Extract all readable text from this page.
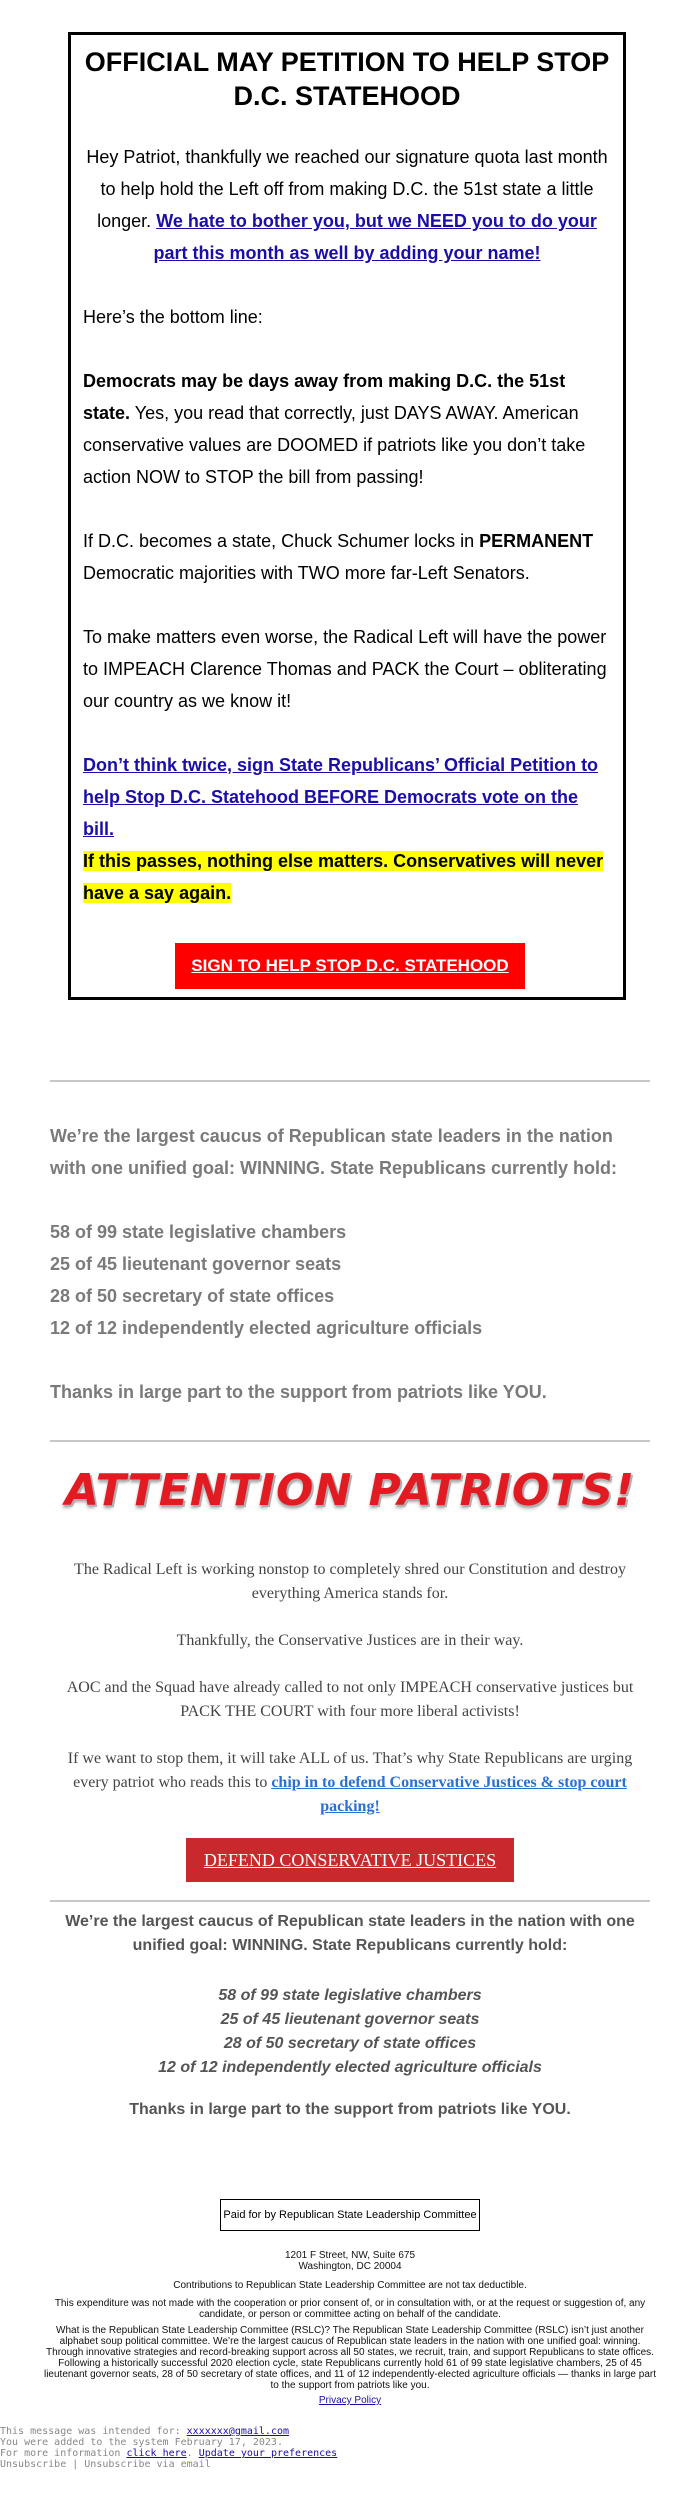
OFFICIAL MAY PETITION TO HELP STOP D.C. STATEHOOD
Hey Patriot, thankfully we reached our signature quota last month to help hold the Left off from making D.C. the 51st state a little longer. We hate to bother you, but we NEED you to do your part this month as well by adding your name!
Here’s the bottom line:
Democrats may be days away from making D.C. the 51st state. Yes, you read that correctly, just DAYS AWAY. American conservative values are DOOMED if patriots like you don’t take action NOW to STOP the bill from passing!
If D.C. becomes a state, Chuck Schumer locks in PERMANENT Democratic majorities with TWO more far-Left Senators.
To make matters even worse, the Radical Left will have the power to IMPEACH Clarence Thomas and PACK the Court – obliterating our country as we know it!
Don’t think twice, sign State Republicans’ Official Petition to help Stop D.C. Statehood BEFORE Democrats vote on the bill.
If this passes, nothing else matters. Conservatives will never have a say again.
SIGN TO HELP STOP D.C. STATEHOOD
We’re the largest caucus of Republican state leaders in the nation with one unified goal: WINNING. State Republicans currently hold:
58 of 99 state legislative chambers
25 of 45 lieutenant governor seats
28 of 50 secretary of state offices
12 of 12 independently elected agriculture officials
Thanks in large part to the support from patriots like YOU.
ATTENTION PATRIOTS!
The Radical Left is working nonstop to completely shred our Constitution and destroy everything America stands for.
Thankfully, the Conservative Justices are in their way.
AOC and the Squad have already called to not only IMPEACH conservative justices but PACK THE COURT with four more liberal activists!
If we want to stop them, it will take ALL of us. That’s why State Republicans are urging every patriot who reads this to chip in to defend Conservative Justices & stop court packing!
DEFEND CONSERVATIVE JUSTICES
We’re the largest caucus of Republican state leaders in the nation with one unified goal: WINNING. State Republicans currently hold:
58 of 99 state legislative chambers
25 of 45 lieutenant governor seats
28 of 50 secretary of state offices
12 of 12 independently elected agriculture officials
Thanks in large part to the support from patriots like YOU.
Paid for by Republican State Leadership Committee
1201 F Street, NW, Suite 675
Washington, DC 20004
Contributions to Republican State Leadership Committee are not tax deductible.
This expenditure was not made with the cooperation or prior consent of, or in consultation with, or at the request or suggestion of, any candidate, or person or committee acting on behalf of the candidate.
What is the Republican State Leadership Committee (RSLC)? The Republican State Leadership Committee (RSLC) isn’t just another alphabet soup political committee. We’re the largest caucus of Republican state leaders in the nation with one unified goal: winning. Through innovative strategies and record-breaking support across all 50 states, we recruit, train, and support Republicans to state offices. Following a historically successful 2020 election cycle, state Republicans currently hold 61 of 99 state legislative chambers, 25 of 45 lieutenant governor seats, 28 of 50 secretary of state offices, and 11 of 12 independently-elected agriculture officials — thanks in large part to the support from patriots like you.
Privacy Policy
This message was intended for: xxxxxxx@gmail.com
You were added to the system February 17, 2023.
For more information click here. Update your preferences
Unsubscribe | Unsubscribe via email
